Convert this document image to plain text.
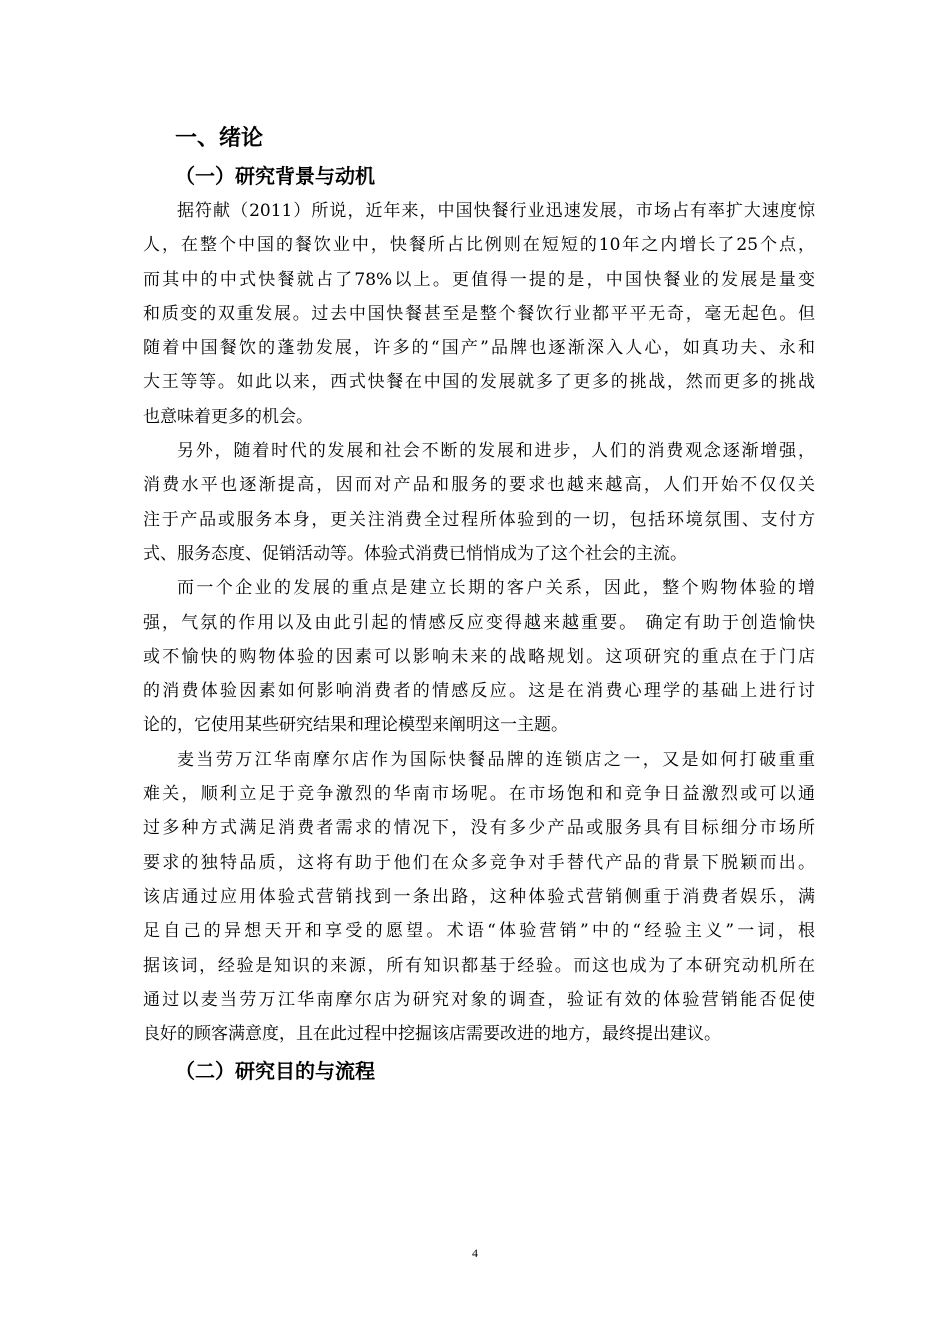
一、绪论
（一）研究背景与动机
据符献（2011）所说，近年来，中国快餐行业迅速发展，市场占有率扩大速度惊
人，在整个中国的餐饮业中，快餐所占比例则在短短的10年之内增长了25个点，
而其中的中式快餐就占了78%以上。更值得一提的是，中国快餐业的发展是量变
和质变的双重发展。过去中国快餐甚至是整个餐饮行业都平平无奇，毫无起色。但
随着中国餐饮的蓬勃发展，许多的“国产”品牌也逐渐深入人心，如真功夫、永和
大王等等。如此以来，西式快餐在中国的发展就多了更多的挑战，然而更多的挑战
也意味着更多的机会。
另外，随着时代的发展和社会不断的发展和进步，人们的消费观念逐渐增强，
消费水平也逐渐提高，因而对产品和服务的要求也越来越高，人们开始不仅仅关
注于产品或服务本身，更关注消费全过程所体验到的一切，包括环境氛围、支付方
式、服务态度、促销活动等。体验式消费已悄悄成为了这个社会的主流。
而一个企业的发展的重点是建立长期的客户关系，因此，整个购物体验的增
强，气氛的作用以及由此引起的情感反应变得越来越重要。 确定有助于创造愉快
或不愉快的购物体验的因素可以影响未来的战略规划。这项研究的重点在于门店
的消费体验因素如何影响消费者的情感反应。这是在消费心理学的基础上进行讨
论的，它使用某些研究结果和理论模型来阐明这一主题。
麦当劳万江华南摩尔店作为国际快餐品牌的连锁店之一，又是如何打破重重
难关，顺利立足于竞争激烈的华南市场呢。在市场饱和和竞争日益激烈或可以通
过多种方式满足消费者需求的情况下，没有多少产品或服务具有目标细分市场所
要求的独特品质，这将有助于他们在众多竞争对手替代产品的背景下脱颖而出。
该店通过应用体验式营销找到一条出路，这种体验式营销侧重于消费者娱乐，满
足自己的异想天开和享受的愿望。术语“体验营销”中的“经验主义”一词，根
据该词，经验是知识的来源，所有知识都基于经验。而这也成为了本研究动机所在
通过以麦当劳万江华南摩尔店为研究对象的调查，验证有效的体验营销能否促使
良好的顾客满意度，且在此过程中挖掘该店需要改进的地方，最终提出建议。
（二）研究目的与流程
4
